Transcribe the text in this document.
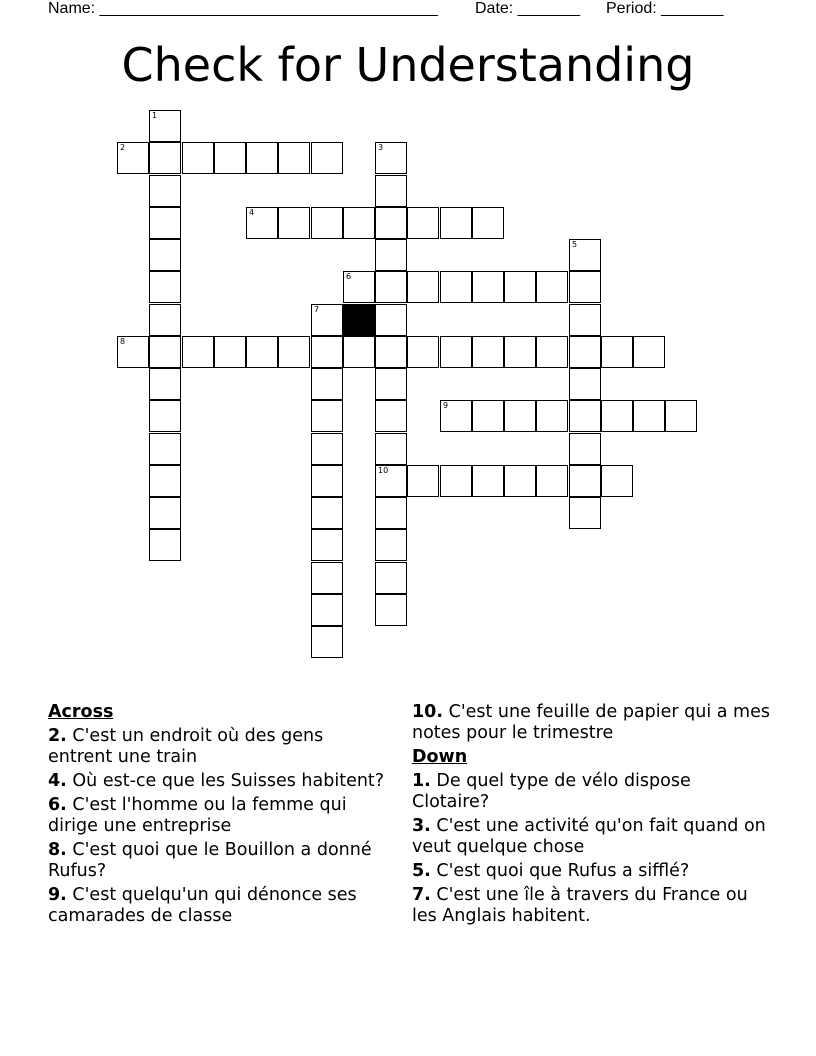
Name: ______________________________________ Date: _______ Period: _______
Check for Understanding
2
4
6
8
9
10
1
3
5
7
Across
2. C'est un endroit où des gens entrent une train
4. Où est-ce que les Suisses habitent?
6. C'est l'homme ou la femme qui dirige une entreprise
8. C'est quoi que le Bouillon a donné Rufus?
9. C'est quelqu'un qui dénonce ses camarades de classe
10. C'est une feuille de papier qui a mes notes pour le trimestre
Down
1. De quel type de vélo dispose Clotaire?
3. C'est une activité qu'on fait quand on veut quelque chose
5. C'est quoi que Rufus a sifflé?
7. C'est une île à travers du France ou les Anglais habitent.
